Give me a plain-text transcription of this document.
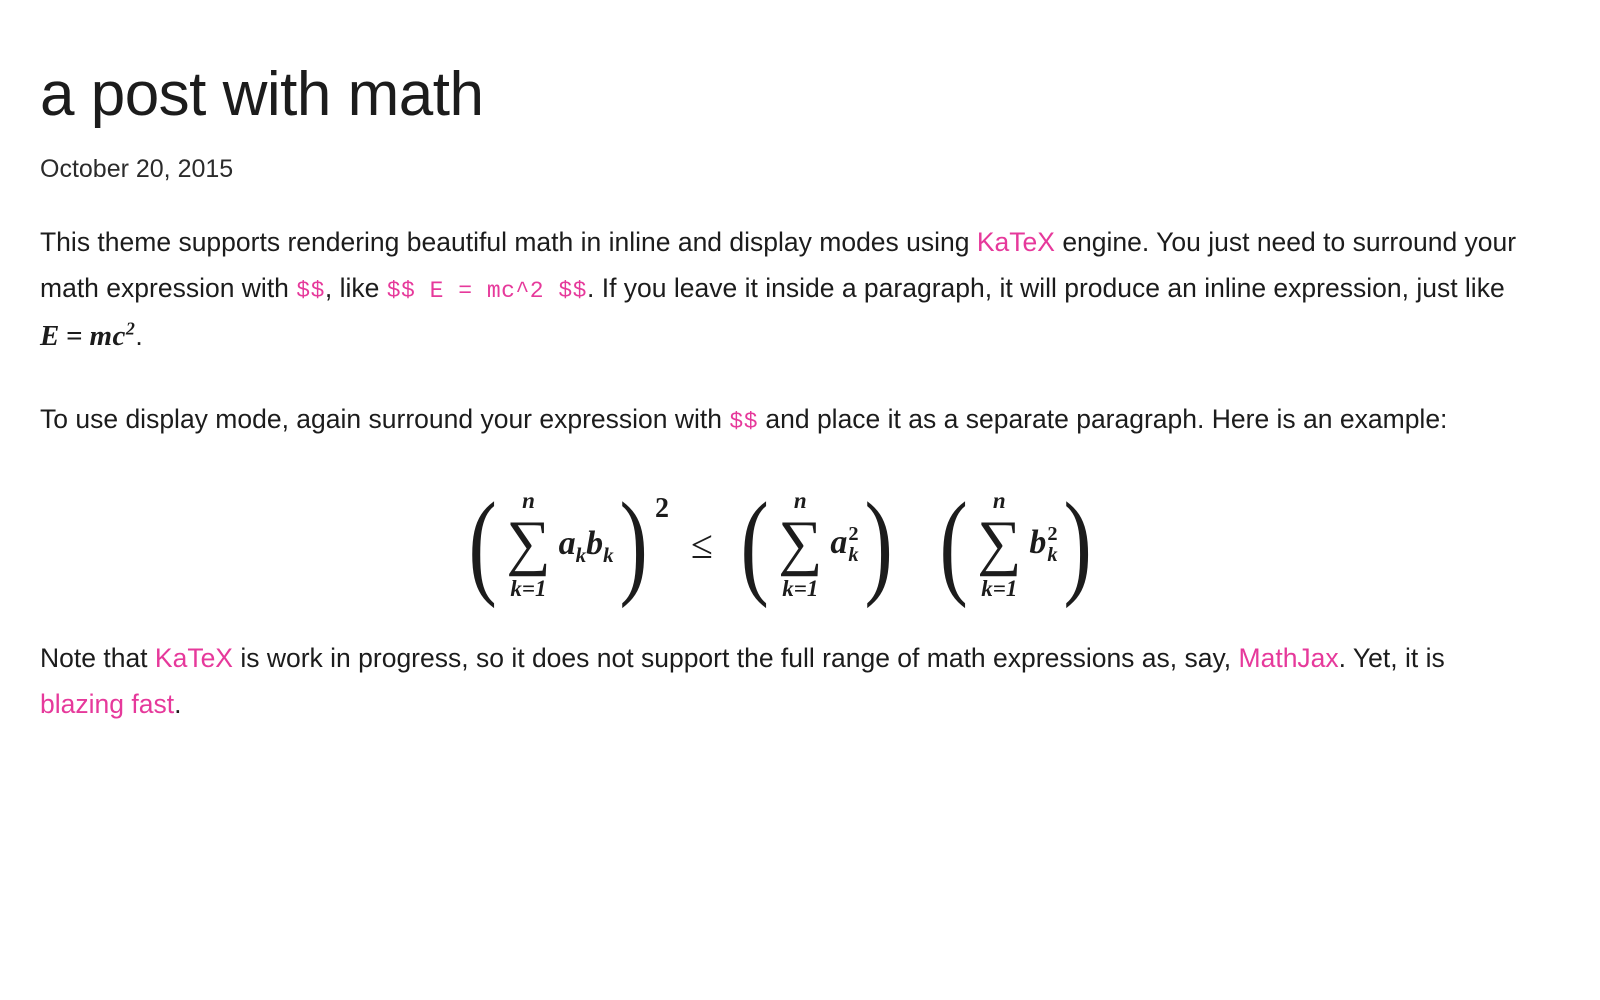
a post with math
October 20, 2015

This theme supports rendering beautiful math in inline and display modes using KaTeX engine. You just need to surround your math expression with $$, like $$ E = mc^2 $$. If you leave it inside a paragraph, it will produce an inline expression, just like $E = mc^2$.

To use display mode, again surround your expression with $$ and place it as a separate paragraph. Here is an example:

( n
∑
k=1
$a_kb_k$ ) 2
≤ ( n
∑
k=1
a 2
k ) ( n
∑
k=1
b 2
k )

Note that KaTeX is work in progress, so it does not support the full range of math expressions as, say, MathJax. Yet, it is blazing fast.
